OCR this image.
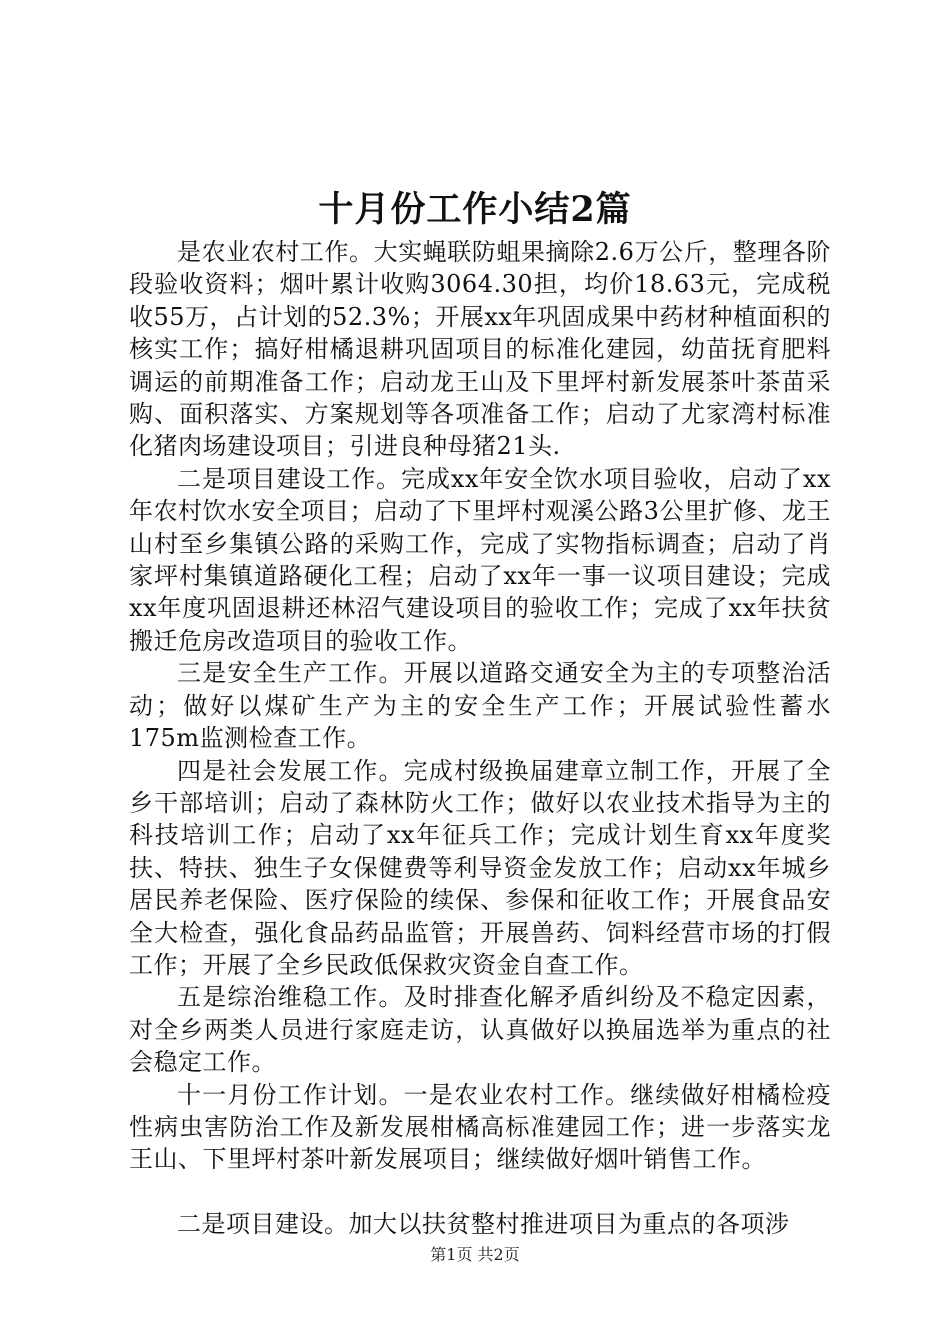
十月份工作小结2篇

是农业农村工作。大实蝇联防蛆果摘除2.6万公斤，整理各阶段验收资料；烟叶累计收购3064.30担，均价18.63元，完成税收55万，占计划的52.3%；开展xx年巩固成果中药材种植面积的核实工作；搞好柑橘退耕巩固项目的标准化建园，幼苗抚育肥料调运的前期准备工作；启动龙王山及下里坪村新发展茶叶茶苗采购、面积落实、方案规划等各项准备工作；启动了尤家湾村标准化猪肉场建设项目；引进良种母猪21头.

二是项目建设工作。完成xx年安全饮水项目验收，启动了xx年农村饮水安全项目；启动了下里坪村观溪公路3公里扩修、龙王山村至乡集镇公路的采购工作，完成了实物指标调查；启动了肖家坪村集镇道路硬化工程；启动了xx年一事一议项目建设；完成xx年度巩固退耕还林沼气建设项目的验收工作；完成了xx年扶贫搬迁危房改造项目的验收工作。

三是安全生产工作。开展以道路交通安全为主的专项整治活动；做好以煤矿生产为主的安全生产工作；开展试验性蓄水175m监测检查工作。

四是社会发展工作。完成村级换届建章立制工作，开展了全乡干部培训；启动了森林防火工作；做好以农业技术指导为主的科技培训工作；启动了xx年征兵工作；完成计划生育xx年度奖扶、特扶、独生子女保健费等利导资金发放工作；启动xx年城乡居民养老保险、医疗保险的续保、参保和征收工作；开展食品安全大检查，强化食品药品监管；开展兽药、饲料经营市场的打假工作；开展了全乡民政低保救灾资金自查工作。

五是综治维稳工作。及时排查化解矛盾纠纷及不稳定因素，对全乡两类人员进行家庭走访，认真做好以换届选举为重点的社会稳定工作。

十一月份工作计划。一是农业农村工作。继续做好柑橘检疫性病虫害防治工作及新发展柑橘高标准建园工作；进一步落实龙王山、下里坪村茶叶新发展项目；继续做好烟叶销售工作。

二是项目建设。加大以扶贫整村推进项目为重点的各项涉

第1页 共2页
